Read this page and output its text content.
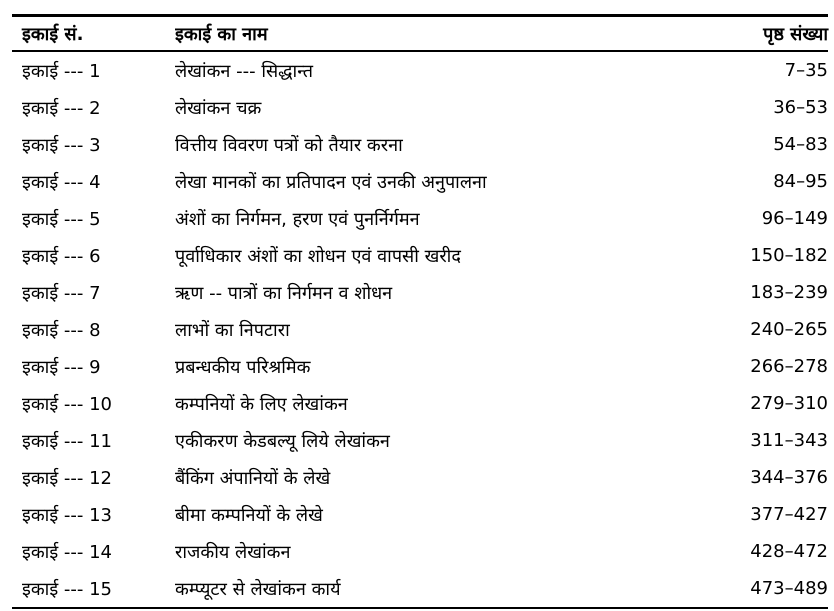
इकाई सं.	इकाई का नाम	पृष्ठ संख्या
इकाई --- 1	लेखांकन --- सिद्धान्त	7–35
इकाई --- 2	लेखांकन चक्र	36–53
इकाई --- 3	वित्तीय विवरण पत्रों को तैयार करना	54–83
इकाई --- 4	लेखा मानकों का प्रतिपादन एवं उनकी अनुपालना	84–95
इकाई --- 5	अंशों का निर्गमन, हरण एवं पुनर्निर्गमन	96–149
इकाई --- 6	पूर्वाधिकार अंशों का शोधन एवं वापसी खरीद	150–182
इकाई --- 7	ऋण -- पात्रों का निर्गमन व शोधन	183–239
इकाई --- 8	लाभों का निपटारा	240–265
इकाई --- 9	प्रबन्धकीय परिश्रमिक	266–278
इकाई --- 10	कम्पनियों के लिए लेखांकन	279–310
इकाई --- 11	एकीकरण केडबल्यू लिये लेखांकन	311–343
इकाई --- 12	बैंकिंग अंपानियों के लेखे	344–376
इकाई --- 13	बीमा कम्पनियों के लेखे	377–427
इकाई --- 14	राजकीय लेखांकन	428–472
इकाई --- 15	कम्प्यूटर से लेखांकन कार्य	473–489
